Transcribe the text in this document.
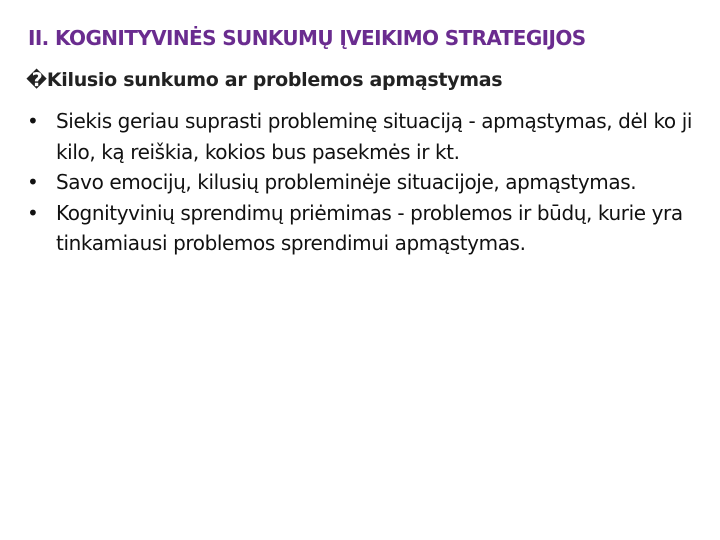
II. KOGNITYVINĖS SUNKUMŲ ĮVEIKIMO STRATEGIJOS
�Kilusio sunkumo ar problemos apmąstymas
• Siekis geriau suprasti probleminę situaciją - apmąstymas, dėl ko ji kilo, ką reiškia, kokios bus pasekmės ir kt.
• Savo emocijų, kilusių probleminėje situacijoje, apmąstymas.
• Kognityvinių sprendimų priėmimas - problemos ir būdų, kurie yra tinkamiausi problemos sprendimui apmąstymas.
